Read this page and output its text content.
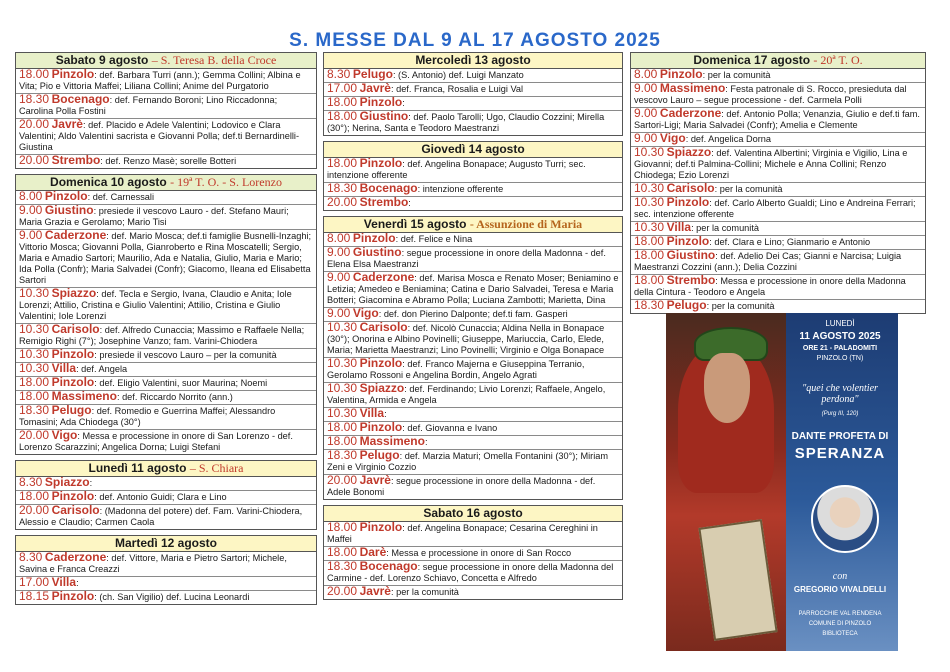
S. MESSE DAL 9 AL 17 AGOSTO 2025
Sabato 9 agosto – S. Teresa B. della Croce
18.00 Pinzolo: def. Barbara Turri (ann.); Gemma Collini; Albina e Vita; Pio e Vittoria Maffei; Liliana Collini; Anime del Purgatorio
18.30 Bocenago: def. Fernando Boroni; Lino Riccadonna; Carolina Polla Fostini
20.00 Javrè: def. Placido e Adele Valentini; Lodovico e Clara Valentini; Aldo Valentini sacrista e Giovanni Polla; def.ti Bernardinelli-Giustina
20.00 Strembo: def. Renzo Masè; sorelle Botteri
Domenica 10 agosto - 19ª T. O. - S. Lorenzo
8.00 Pinzolo: def. Carnessali
9.00 Giustino: presiede il vescovo Lauro - def. Stefano Mauri; Maria Grazia e Gerolamo; Mario Tisi
9.00 Caderzone: def. Mario Mosca; def.ti famiglie Busnelli-Inzaghi; Vittorio Mosca; Giovanni Polla, Gianroberto e Rina Moscatelli; Sergio, Maria e Amadio Sartori; Maurilio, Ada e Natalia, Giulio, Maria e Mario; Ida Polla (Confr); Maria Salvadei (Confr); Giacomo, Ileana ed Elisabetta Sartori
10.30 Spiazzo: def. Tecla e Sergio, Ivana, Claudio e Anita; Iole Lorenzi; Attilio, Cristina e Giulio Valentini; Attilio, Cristina e Giulio Valentini; Iole Lorenzi
10.30 Carisolo: def. Alfredo Cunaccia; Massimo e Raffaele Nella; Remigio Righi (7°); Josephine Vanzo; fam. Varini-Chiodera
10.30 Pinzolo: presiede il vescovo Lauro – per la comunità
10.30 Villa: def. Angela
18.00 Pinzolo: def. Eligio Valentini, suor Maurina; Noemi
18.00 Massimeno: def. Riccardo Norrito (ann.)
18.30 Pelugo: def. Romedio e Guerrina Maffei; Alessandro Tomasini; Ada Chiodega (30°)
20.00 Vigo: Messa e processione in onore di San Lorenzo - def. Lorenzo Scarazzini; Angelica Dorna; Luigi Stefani
Lunedì 11 agosto – S. Chiara
8.30 Spiazzo:
18.00 Pinzolo: def. Antonio Guidi; Clara e Lino
20.00 Carisolo: (Madonna del potere) def. Fam. Varini-Chiodera, Alessio e Claudio; Carmen Caola
Martedì 12 agosto
8.30 Caderzone: def. Vittore, Maria e Pietro Sartori; Michele, Savina e Franca Creazzi
17.00 Villa:
18.15 Pinzolo: (ch. San Vigilio) def. Lucina Leonardi
Mercoledì 13 agosto
8.30 Pelugo: (S. Antonio) def. Luigi Manzato
17.00 Javrè: def. Franca, Rosalia e Luigi Val
18.00 Pinzolo:
18.00 Giustino: def. Paolo Tarolli; Ugo, Claudio Cozzini; Mirella (30°); Nerina, Santa e Teodoro Maestranzi
Giovedì 14 agosto
18.00 Pinzolo: def. Angelina Bonapace; Augusto Turri; sec. intenzione offerente
18.30 Bocenago: intenzione offerente
20.00 Strembo:
Venerdì 15 agosto - Assunzione di Maria
8.00 Pinzolo: def. Felice e Nina
9.00 Giustino: segue processione in onore della Madonna - def. Elena Elsa Maestranzi
9.00 Caderzone: def. Marisa Mosca e Renato Moser; Beniamino e Letizia; Amedeo e Beniamina; Catina e Dario Salvadei, Teresa e Maria Botteri; Giacomina e Abramo Polla; Luciana Zambotti; Marietta, Dina
9.00 Vigo: def. don Pierino Dalponte; def.ti fam. Gasperi
10.30 Carisolo: def. Nicolò Cunaccia; Aldina Nella in Bonapace (30°); Onorina e Albino Povinelli; Giuseppe, Mariuccia, Carlo, Elede, Maria; Marietta Maestranzi; Lino Povinelli; Virginio e Olga Bonapace
10.30 Pinzolo: def. Franco Majerna e Giuseppina Terranio, Gerolamo Rossoni e Angelina Bordin, Angelo Agrati
10.30 Spiazzo: def. Ferdinando; Livio Lorenzi; Raffaele, Angelo, Valentina, Armida e Angela
10.30 Villa:
18.00 Pinzolo: def. Giovanna e Ivano
18.00 Massimeno:
18.30 Pelugo: def. Marzia Maturi; Omella Fontanini (30°); Miriam Zeni e Virginio Cozzio
20.00 Javrè: segue processione in onore della Madonna - def. Adele Bonomi
Sabato 16 agosto
18.00 Pinzolo: def. Angelina Bonapace; Cesarina Cereghini in Maffei
18.00 Darè: Messa e processione in onore di San Rocco
18.30 Bocenago: segue processione in onore della Madonna del Carmine - def. Lorenzo Schiavo, Concetta e Alfredo
20.00 Javrè: per la comunità
Domenica 17 agosto - 20ª T. O.
8.00 Pinzolo: per la comunità
9.00 Massimeno: Festa patronale di S. Rocco, presieduta dal vescovo Lauro – segue processione - def. Carmela Polli
9.00 Caderzone: def. Antonio Polla; Venanzia, Giulio e def.ti fam. Sartori-Ligi; Maria Salvadei (Confr); Amelia e Clemente
9.00 Vigo: def. Angelica Dorna
10.30 Spiazzo: def. Valentina Albertini; Virginia e Vigilio, Lina e Giovanni; def.ti Palmina-Collini; Michele e Anna Collini; Renzo Chiodega; Ezio Lorenzi
10.30 Carisolo: per la comunità
10.30 Pinzolo: def. Carlo Alberto Gualdi; Lino e Andreina Ferrari; sec. intenzione offerente
10.30 Villa: per la comunità
18.00 Pinzolo: def. Clara e Lino; Gianmario e Antonio
18.00 Giustino: def. Adelio Dei Cas; Gianni e Narcisa; Luigia Maestranzi Cozzini (ann.); Delia Cozzini
18.00 Strembo: Messa e processione in onore della Madonna della Cintura - Teodoro e Angela
18.30 Pelugo: per la comunità
LUNEDÌ
11 AGOSTO 2025
ORE 21 - PALADOMITI
PINZOLO (TN)
"quei che volentier perdona"
(Purg III, 120)
DANTE PROFETA DI
SPERANZA
con
GREGORIO VIVALDELLI
PARROCCHIE VAL RENDENA
COMUNE DI PINZOLO
BIBLIOTECA
